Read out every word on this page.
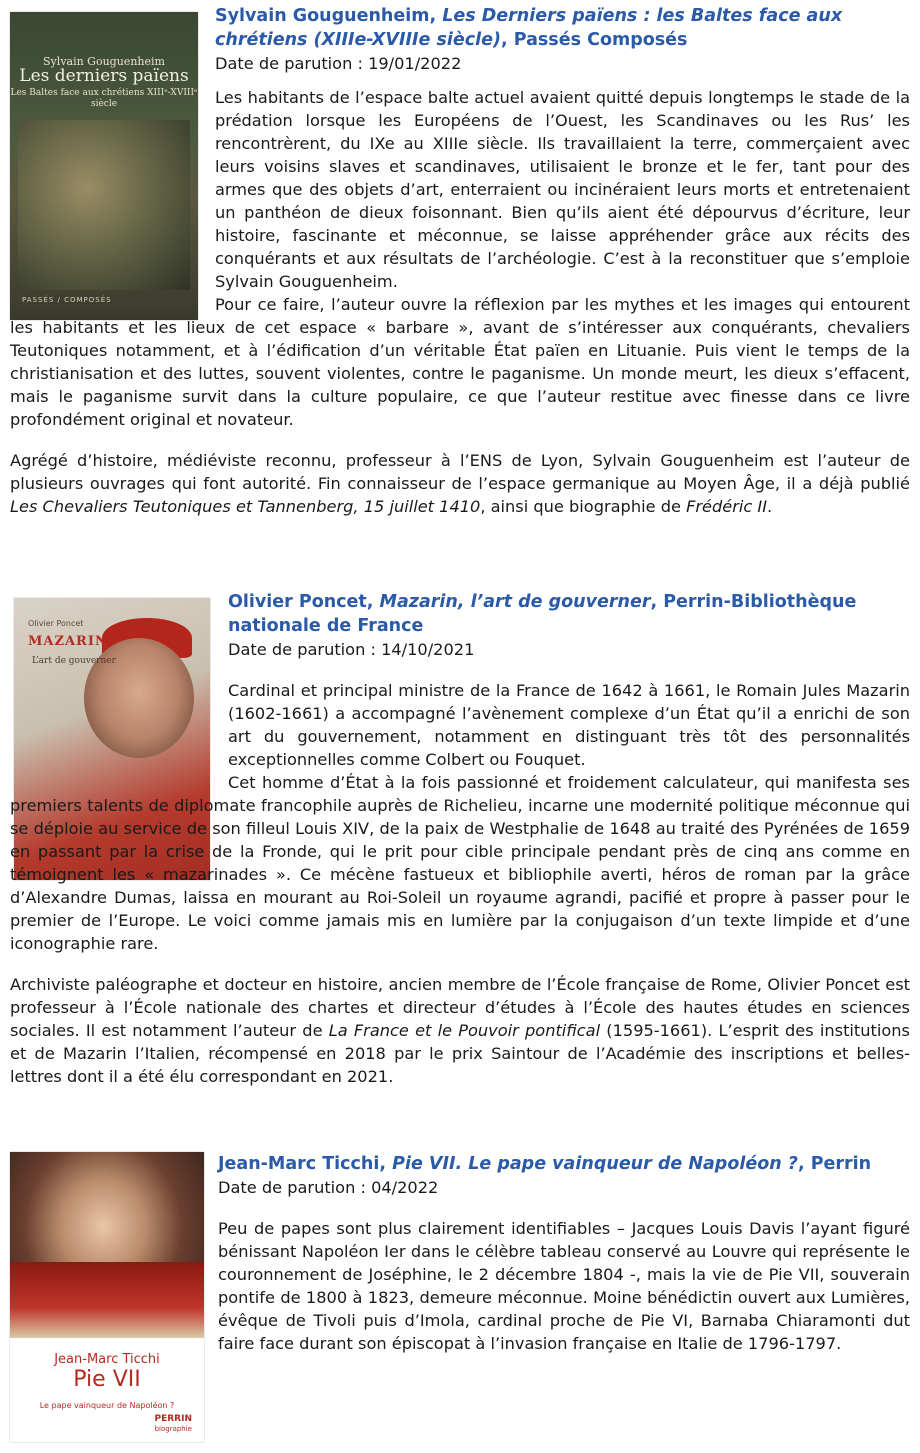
Sylvain Gouguenheim
Les derniers païens
Les Baltes face aux chrétiens XIIIᵉ-XVIIIᵉ siècle
PASSÉS / COMPOSÉS

Sylvain Gouguenheim, Les Derniers païens : les Baltes face aux chrétiens (XIIIe-XVIIIe siècle), Passés Composés

Date de parution : 19/01/2022

Les habitants de l’espace balte actuel avaient quitté depuis longtemps le stade de la prédation lorsque les Européens de l’Ouest, les Scandinaves ou les Rus’ les rencontrèrent, du IXe au XIIIe siècle. Ils travaillaient la terre, commerçaient avec leurs voisins slaves et scandinaves, utilisaient le bronze et le fer, tant pour des armes que des objets d’art, enterraient ou incinéraient leurs morts et entretenaient un panthéon de dieux foisonnant. Bien qu’ils aient été dépourvus d’écriture, leur histoire, fascinante et méconnue, se laisse appréhender grâce aux récits des conquérants et aux résultats de l’archéologie. C’est à la reconstituer que s’emploie Sylvain Gouguenheim.

Pour ce faire, l’auteur ouvre la réflexion par les mythes et les images qui entourent les habitants et les lieux de cet espace « barbare », avant de s’intéresser aux conquérants, chevaliers Teutoniques notamment, et à l’édification d’un véritable État païen en Lituanie. Puis vient le temps de la christianisation et des luttes, souvent violentes, contre le paganisme. Un monde meurt, les dieux s’effacent, mais le paganisme survit dans la culture populaire, ce que l’auteur restitue avec finesse dans ce livre profondément original et novateur.

Agrégé d’histoire, médiéviste reconnu, professeur à l’ENS de Lyon, Sylvain Gouguenheim est l’auteur de plusieurs ouvrages qui font autorité. Fin connaisseur de l’espace germanique au Moyen Âge, il a déjà publié Les Chevaliers Teutoniques et Tannenberg, 15 juillet 1410, ainsi que biographie de Frédéric II.

Olivier Poncet
MAZARIN
L’art de gouverner

Olivier Poncet, Mazarin, l’art de gouverner, Perrin-Bibliothèque nationale de France

Date de parution : 14/10/2021

Cardinal et principal ministre de la France de 1642 à 1661, le Romain Jules Mazarin (1602-1661) a accompagné l’avènement complexe d’un État qu’il a enrichi de son art du gouvernement, notamment en distinguant très tôt des personnalités exceptionnelles comme Colbert ou Fouquet.

Cet homme d’État à la fois passionné et froidement calculateur, qui manifesta ses premiers talents de diplomate francophile auprès de Richelieu, incarne une modernité politique méconnue qui se déploie au service de son filleul Louis XIV, de la paix de Westphalie de 1648 au traité des Pyrénées de 1659 en passant par la crise de la Fronde, qui le prit pour cible principale pendant près de cinq ans comme en témoignent les « mazarinades ». Ce mécène fastueux et bibliophile averti, héros de roman par la grâce d’Alexandre Dumas, laissa en mourant au Roi-Soleil un royaume agrandi, pacifié et propre à passer pour le premier de l’Europe. Le voici comme jamais mis en lumière par la conjugaison d’un texte limpide et d’une iconographie rare.

Archiviste paléographe et docteur en histoire, ancien membre de l’École française de Rome, Olivier Poncet est professeur à l’École nationale des chartes et directeur d’études à l’École des hautes études en sciences sociales. Il est notamment l’auteur de La France et le Pouvoir pontifical (1595-1661). L’esprit des institutions et de Mazarin l’Italien, récompensé en 2018 par le prix Saintour de l’Académie des inscriptions et belles-lettres dont il a été élu correspondant en 2021.

Jean-Marc Ticchi
Pie VII
Le pape vainqueur de Napoléon ?
PERRIN
biographie

Jean-Marc Ticchi, Pie VII. Le pape vainqueur de Napoléon ?, Perrin

Date de parution : 04/2022

Peu de papes sont plus clairement identifiables – Jacques Louis Davis l’ayant figuré bénissant Napoléon Ier dans le célèbre tableau conservé au Louvre qui représente le couronnement de Joséphine, le 2 décembre 1804 -, mais la vie de Pie VII, souverain pontife de 1800 à 1823, demeure méconnue. Moine bénédictin ouvert aux Lumières, évêque de Tivoli puis d’Imola, cardinal proche de Pie VI, Barnaba Chiaramonti dut faire face durant son épiscopat à l’invasion française en Italie de 1796-1797.
